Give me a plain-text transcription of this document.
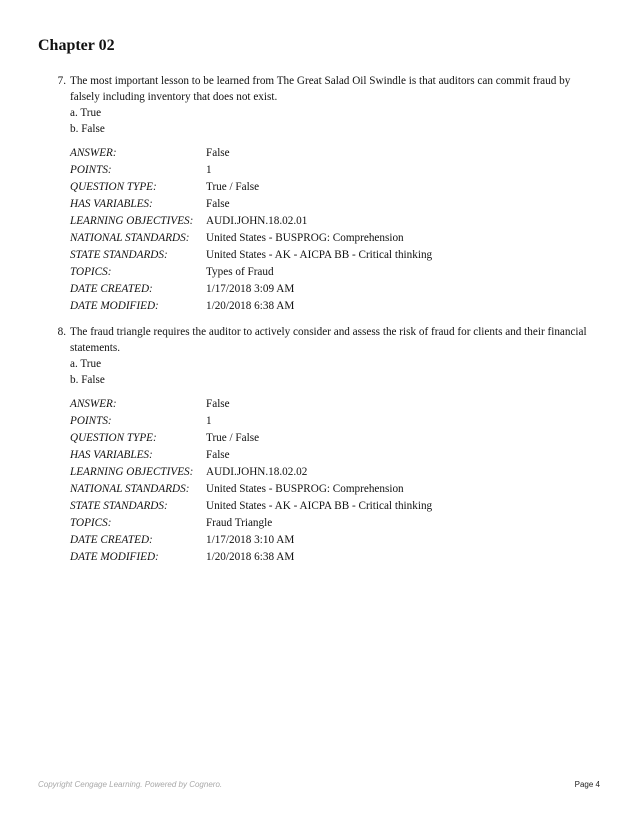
Chapter 02
7. The most important lesson to be learned from The Great Salad Oil Swindle is that auditors can commit fraud by falsely including inventory that does not exist.
a. True
b. False
ANSWER:	False
POINTS:	1
QUESTION TYPE:	True / False
HAS VARIABLES:	False
LEARNING OBJECTIVES:	AUDI.JOHN.18.02.01
NATIONAL STANDARDS:	United States - BUSPROG: Comprehension
STATE STANDARDS:	United States - AK - AICPA BB - Critical thinking
TOPICS:	Types of Fraud
DATE CREATED:	1/17/2018 3:09 AM
DATE MODIFIED:	1/20/2018 6:38 AM
8. The fraud triangle requires the auditor to actively consider and assess the risk of fraud for clients and their financial statements.
a. True
b. False
ANSWER:	False
POINTS:	1
QUESTION TYPE:	True / False
HAS VARIABLES:	False
LEARNING OBJECTIVES:	AUDI.JOHN.18.02.02
NATIONAL STANDARDS:	United States - BUSPROG: Comprehension
STATE STANDARDS:	United States - AK - AICPA BB - Critical thinking
TOPICS:	Fraud Triangle
DATE CREATED:	1/17/2018 3:10 AM
DATE MODIFIED:	1/20/2018 6:38 AM
Copyright Cengage Learning. Powered by Cognero.	Page 4
